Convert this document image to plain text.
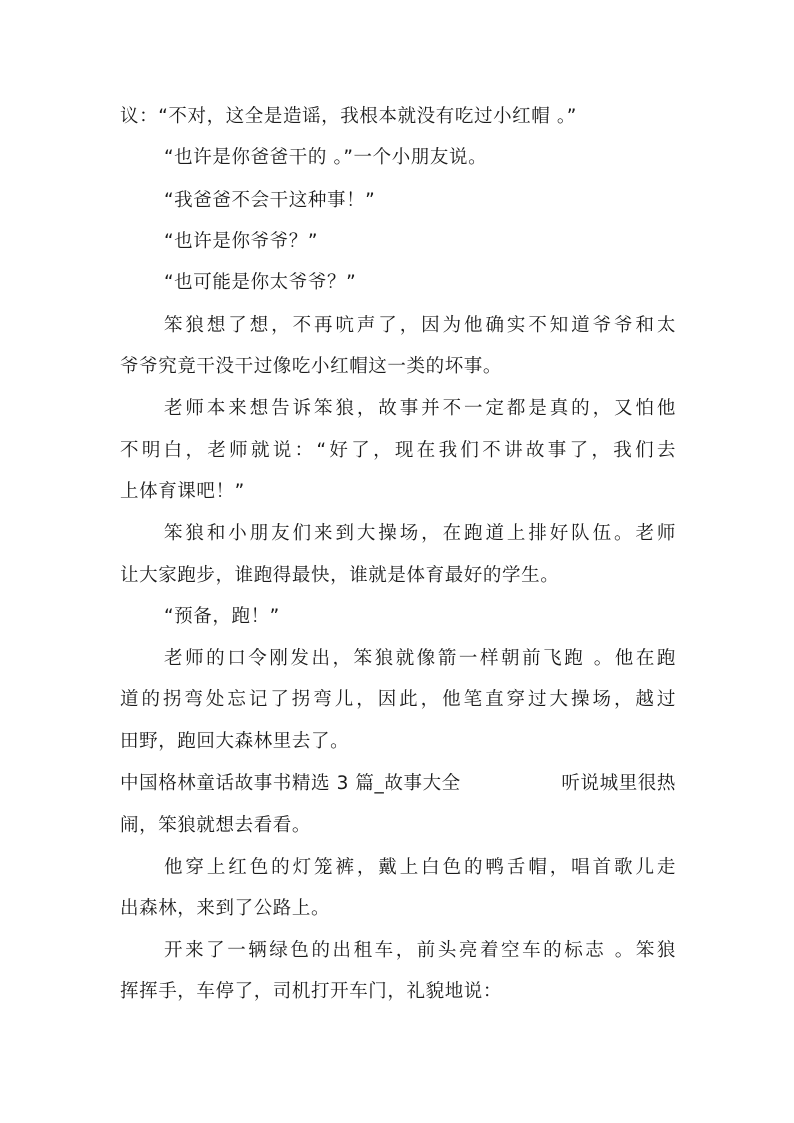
议：“不对，这全是造谣，我根本就没有吃过小红帽 。”
“也许是你爸爸干的 。”一个小朋友说。
“我爸爸不会干这种事！”
“也许是你爷爷？”
“也可能是你太爷爷？”
笨狼想了想，不再吭声了，因为他确实不知道爷爷和太
爷爷究竟干没干过像吃小红帽这一类的坏事。
老师本来想告诉笨狼，故事并不一定都是真的，又怕他
不明白，老师就说：“好了，现在我们不讲故事了，我们去
上体育课吧！”
笨狼和小朋友们来到大操场，在跑道上排好队伍。老师
让大家跑步，谁跑得最快，谁就是体育最好的学生。
“预备，跑！”
老师的口令刚发出，笨狼就像箭一样朝前飞跑 。他在跑
道的拐弯处忘记了拐弯儿，因此，他笔直穿过大操场，越过
田野，跑回大森林里去了。
中国格林童话故事书精选 3 篇_故事大全	听说城里很热
闹，笨狼就想去看看。
他穿上红色的灯笼裤，戴上白色的鸭舌帽，唱首歌儿走
出森林，来到了公路上。
开来了一辆绿色的出租车，前头亮着空车的标志 。笨狼
挥挥手，车停了，司机打开车门，礼貌地说：
